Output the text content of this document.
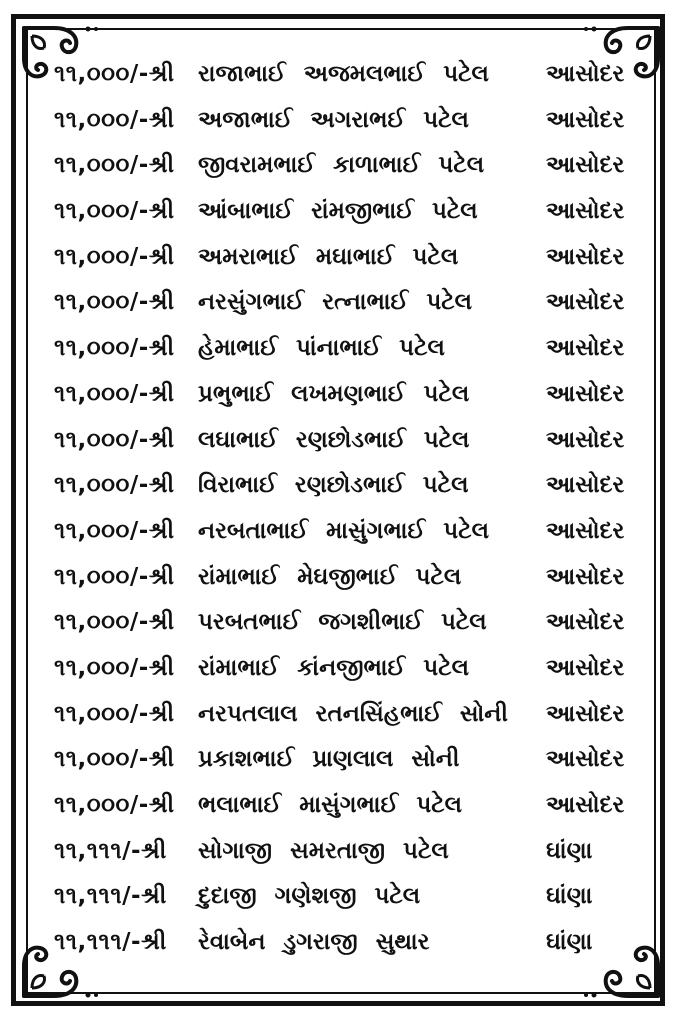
૧૧,૦૦૦/-શ્રી રાજાભાઈ અજમલભાઈ પટેલ આસોદર
૧૧,૦૦૦/-શ્રી અજાભાઈ અગરાભઈ પટેલ	આસોદર
૧૧,૦૦૦/-શ્રી જીવરામભાઈ કાળાભાઈ પટેલ	આસોદર
૧૧,૦૦૦/-શ્રી આંબાભાઈ રાંમજીભાઈ પટેલ	આસોદર
૧૧,૦૦૦/-શ્રી અમરાભાઈ મઘાભાઈ પટેલ	આસોદર
૧૧,૦૦૦/-શ્રી નરસુંગભાઈ રત્નાભાઈ પટેલ	આસોદર
૧૧,૦૦૦/-શ્રી હેમાભાઈ પાંનાભાઈ પટેલ	આસોદર
૧૧,૦૦૦/-શ્રી પ્રભુભાઈ લખમણભાઈ પટેલ	આસોદર
૧૧,૦૦૦/-શ્રી લઘાભાઈ રણછોડભાઈ પટેલ	આસોદર
૧૧,૦૦૦/-શ્રી વિરાભાઈ રણછોડભાઈ પટેલ	આસોદર
૧૧,૦૦૦/-શ્રી નરબતાભાઈ માસુંગભાઈ પટેલ આસોદર
૧૧,૦૦૦/-શ્રી રાંમાભાઈ મેઘજીભાઈ પટેલ	આસોદર
૧૧,૦૦૦/-શ્રી પરબતભાઈ જગશીભાઈ પટેલ	આસોદર
૧૧,૦૦૦/-શ્રી રાંમાભાઈ કાંનજીભાઈ પટેલ	આસોદર
૧૧,૦૦૦/-શ્રી નરપતલાલ રતનસિંહભાઈ સોની આસોદર
૧૧,૦૦૦/-શ્રી પ્રકાશભાઈ પ્રાણલાલ સોની	આસોદર
૧૧,૦૦૦/-શ્રી ભલાભાઈ માસુંગભાઈ પટેલ	આસોદર
૧૧,૧૧૧/-શ્રી સોગાજી સમરતાજી પટેલ	ઘાંણા
૧૧,૧૧૧/-શ્રી દુદાજી ગણેશજી પટેલ	ઘાંણા
૧૧,૧૧૧/-શ્રી રેવાબેન ડુગરાજી સુથાર	ઘાંણા
